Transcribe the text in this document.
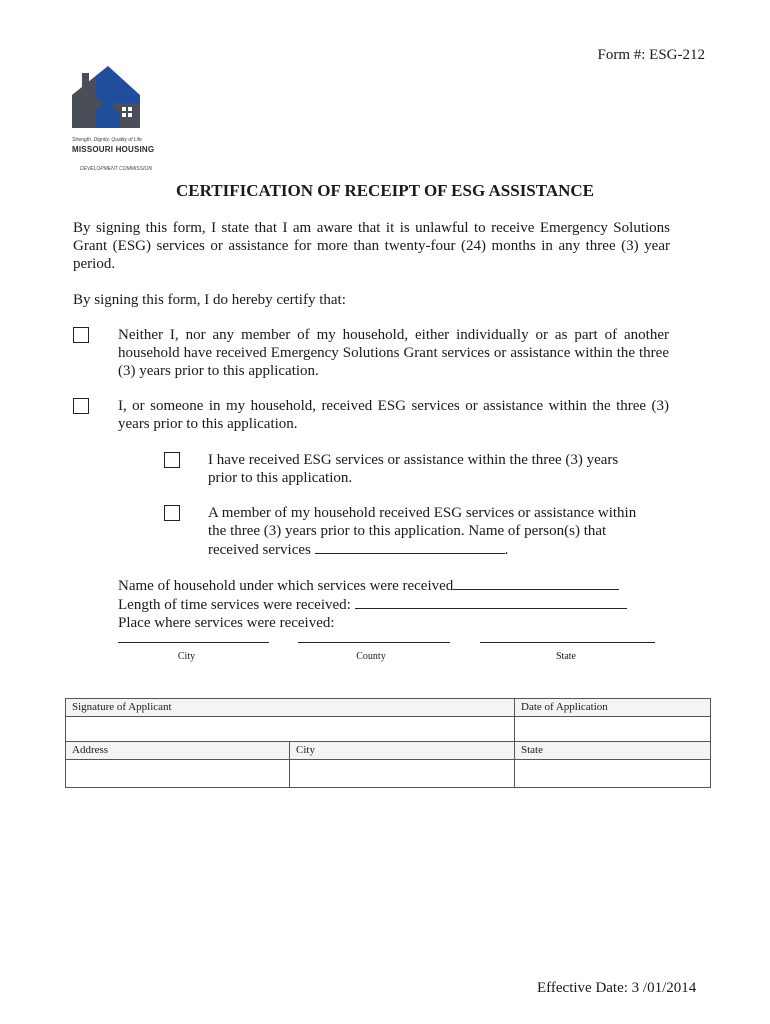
Form #: ESG-212
Strength. Dignity. Quality of Life
MISSOURI HOUSING
DEVELOPMENT COMMISSION
CERTIFICATION OF RECEIPT OF ESG ASSISTANCE
By signing this form, I state that I am aware that it is unlawful to receive Emergency Solutions Grant (ESG) services or assistance for more than twenty-four (24) months in any three (3) year period.
By signing this form, I do hereby certify that:
Neither I, nor any member of my household, either individually or as part of another household have received Emergency Solutions Grant services or assistance within the three (3) years prior to this application.
I, or someone in my household, received ESG services or assistance within the three (3) years prior to this application.
I have received ESG services or assistance within the three (3) years prior to this application.
A member of my household received ESG services or assistance within the three (3) years prior to this application. Name of person(s) that received services	.
Name of household under which services were received
Length of time services were received:
Place where services were received:
City	County	State
Signature of Applicant		Date of Application

Address	City	State

Effective Date: 3 /01/2014
